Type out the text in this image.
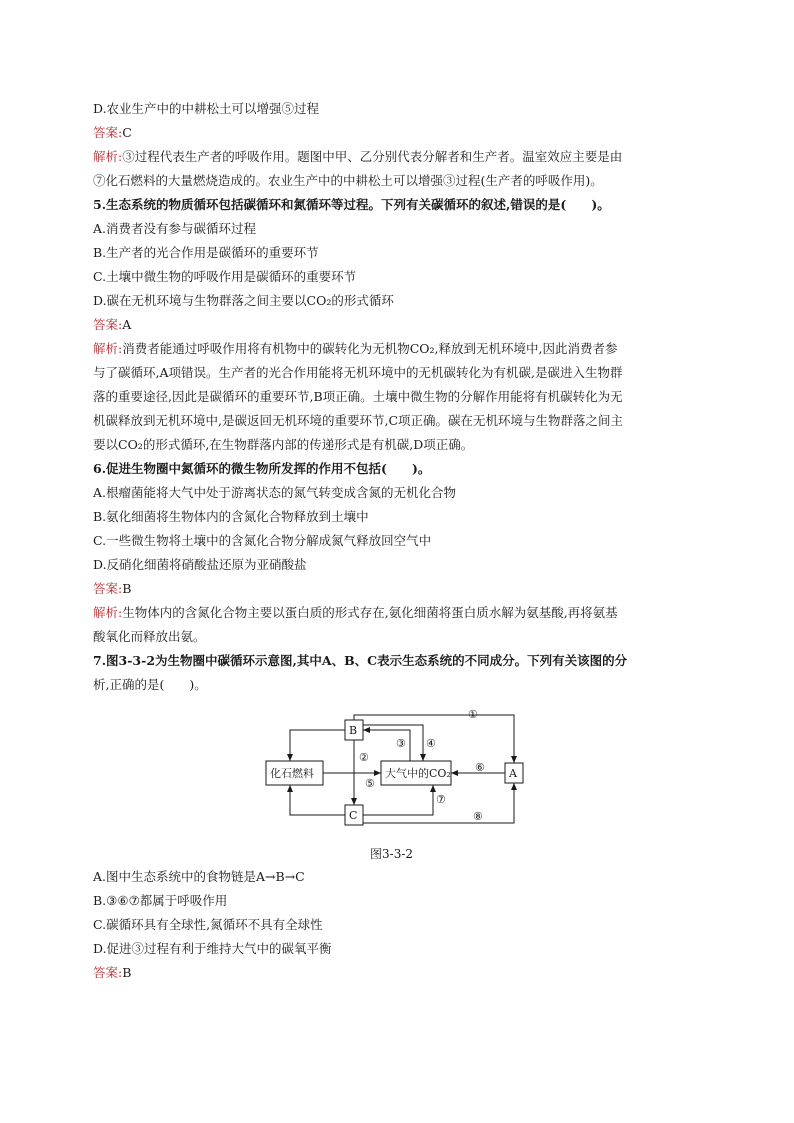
D.农业生产中的中耕松土可以增强⑤过程
答案:C
解析:③过程代表生产者的呼吸作用。题图中甲、乙分别代表分解者和生产者。温室效应主要是由
⑦化石燃料的大量燃烧造成的。农业生产中的中耕松土可以增强③过程(生产者的呼吸作用)。
5.生态系统的物质循环包括碳循环和氮循环等过程。下列有关碳循环的叙述,错误的是(　　)。
A.消费者没有参与碳循环过程
B.生产者的光合作用是碳循环的重要环节
C.土壤中微生物的呼吸作用是碳循环的重要环节
D.碳在无机环境与生物群落之间主要以CO₂的形式循环
答案:A
解析:消费者能通过呼吸作用将有机物中的碳转化为无机物CO₂,释放到无机环境中,因此消费者参
与了碳循环,A项错误。生产者的光合作用能将无机环境中的无机碳转化为有机碳,是碳进入生物群
落的重要途径,因此是碳循环的重要环节,B项正确。土壤中微生物的分解作用能将有机碳转化为无
机碳释放到无机环境中,是碳返回无机环境的重要环节,C项正确。碳在无机环境与生物群落之间主
要以CO₂的形式循环,在生物群落内部的传递形式是有机碳,D项正确。
6.促进生物圈中氮循环的微生物所发挥的作用不包括(　　)。
A.根瘤菌能将大气中处于游离状态的氮气转变成含氮的无机化合物
B.氨化细菌将生物体内的含氮化合物释放到土壤中
C.一些微生物将土壤中的含氮化合物分解成氮气释放回空气中
D.反硝化细菌将硝酸盐还原为亚硝酸盐
答案:B
解析:生物体内的含氮化合物主要以蛋白质的形式存在,氨化细菌将蛋白质水解为氨基酸,再将氨基
酸氧化而释放出氨。
7.图3-3-2为生物圈中碳循环示意图,其中A、B、C表示生态系统的不同成分。下列有关该图的分
析,正确的是(　　)。
B
A
C
化石燃料	大气中的CO₂
①
②
③ ④
⑤
⑥
⑦
⑧
图3-3-2
A.图中生态系统中的食物链是A→B→C
B.③⑥⑦都属于呼吸作用
C.碳循环具有全球性,氮循环不具有全球性
D.促进③过程有利于维持大气中的碳氧平衡
答案:B
